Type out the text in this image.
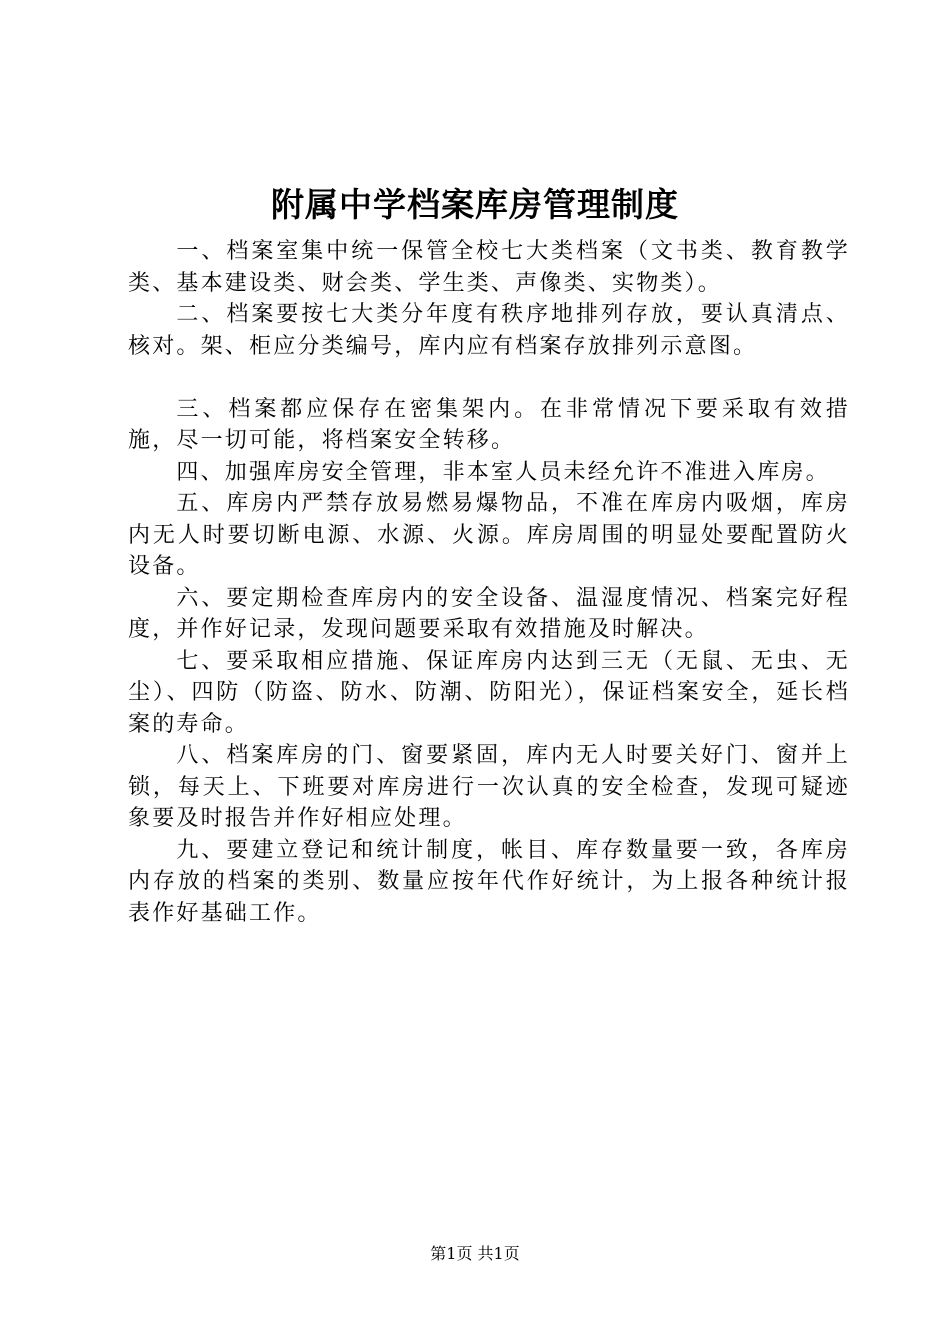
附属中学档案库房管理制度

一、档案室集中统一保管全校七大类档案（文书类、教育教学类、基本建设类、财会类、学生类、声像类、实物类）。

二、档案要按七大类分年度有秩序地排列存放，要认真清点、核对。架、柜应分类编号，库内应有档案存放排列示意图。

三、档案都应保存在密集架内。在非常情况下要采取有效措施，尽一切可能，将档案安全转移。

四、加强库房安全管理，非本室人员未经允许不准进入库房。

五、库房内严禁存放易燃易爆物品，不准在库房内吸烟，库房内无人时要切断电源、水源、火源。库房周围的明显处要配置防火设备。

六、要定期检查库房内的安全设备、温湿度情况、档案完好程度，并作好记录，发现问题要采取有效措施及时解决。

七、要采取相应措施、保证库房内达到三无（无鼠、无虫、无尘）、四防（防盗、防水、防潮、防阳光），保证档案安全，延长档案的寿命。

八、档案库房的门、窗要紧固，库内无人时要关好门、窗并上锁，每天上、下班要对库房进行一次认真的安全检查，发现可疑迹象要及时报告并作好相应处理。

九、要建立登记和统计制度，帐目、库存数量要一致，各库房内存放的档案的类别、数量应按年代作好统计，为上报各种统计报表作好基础工作。

第1页 共1页
